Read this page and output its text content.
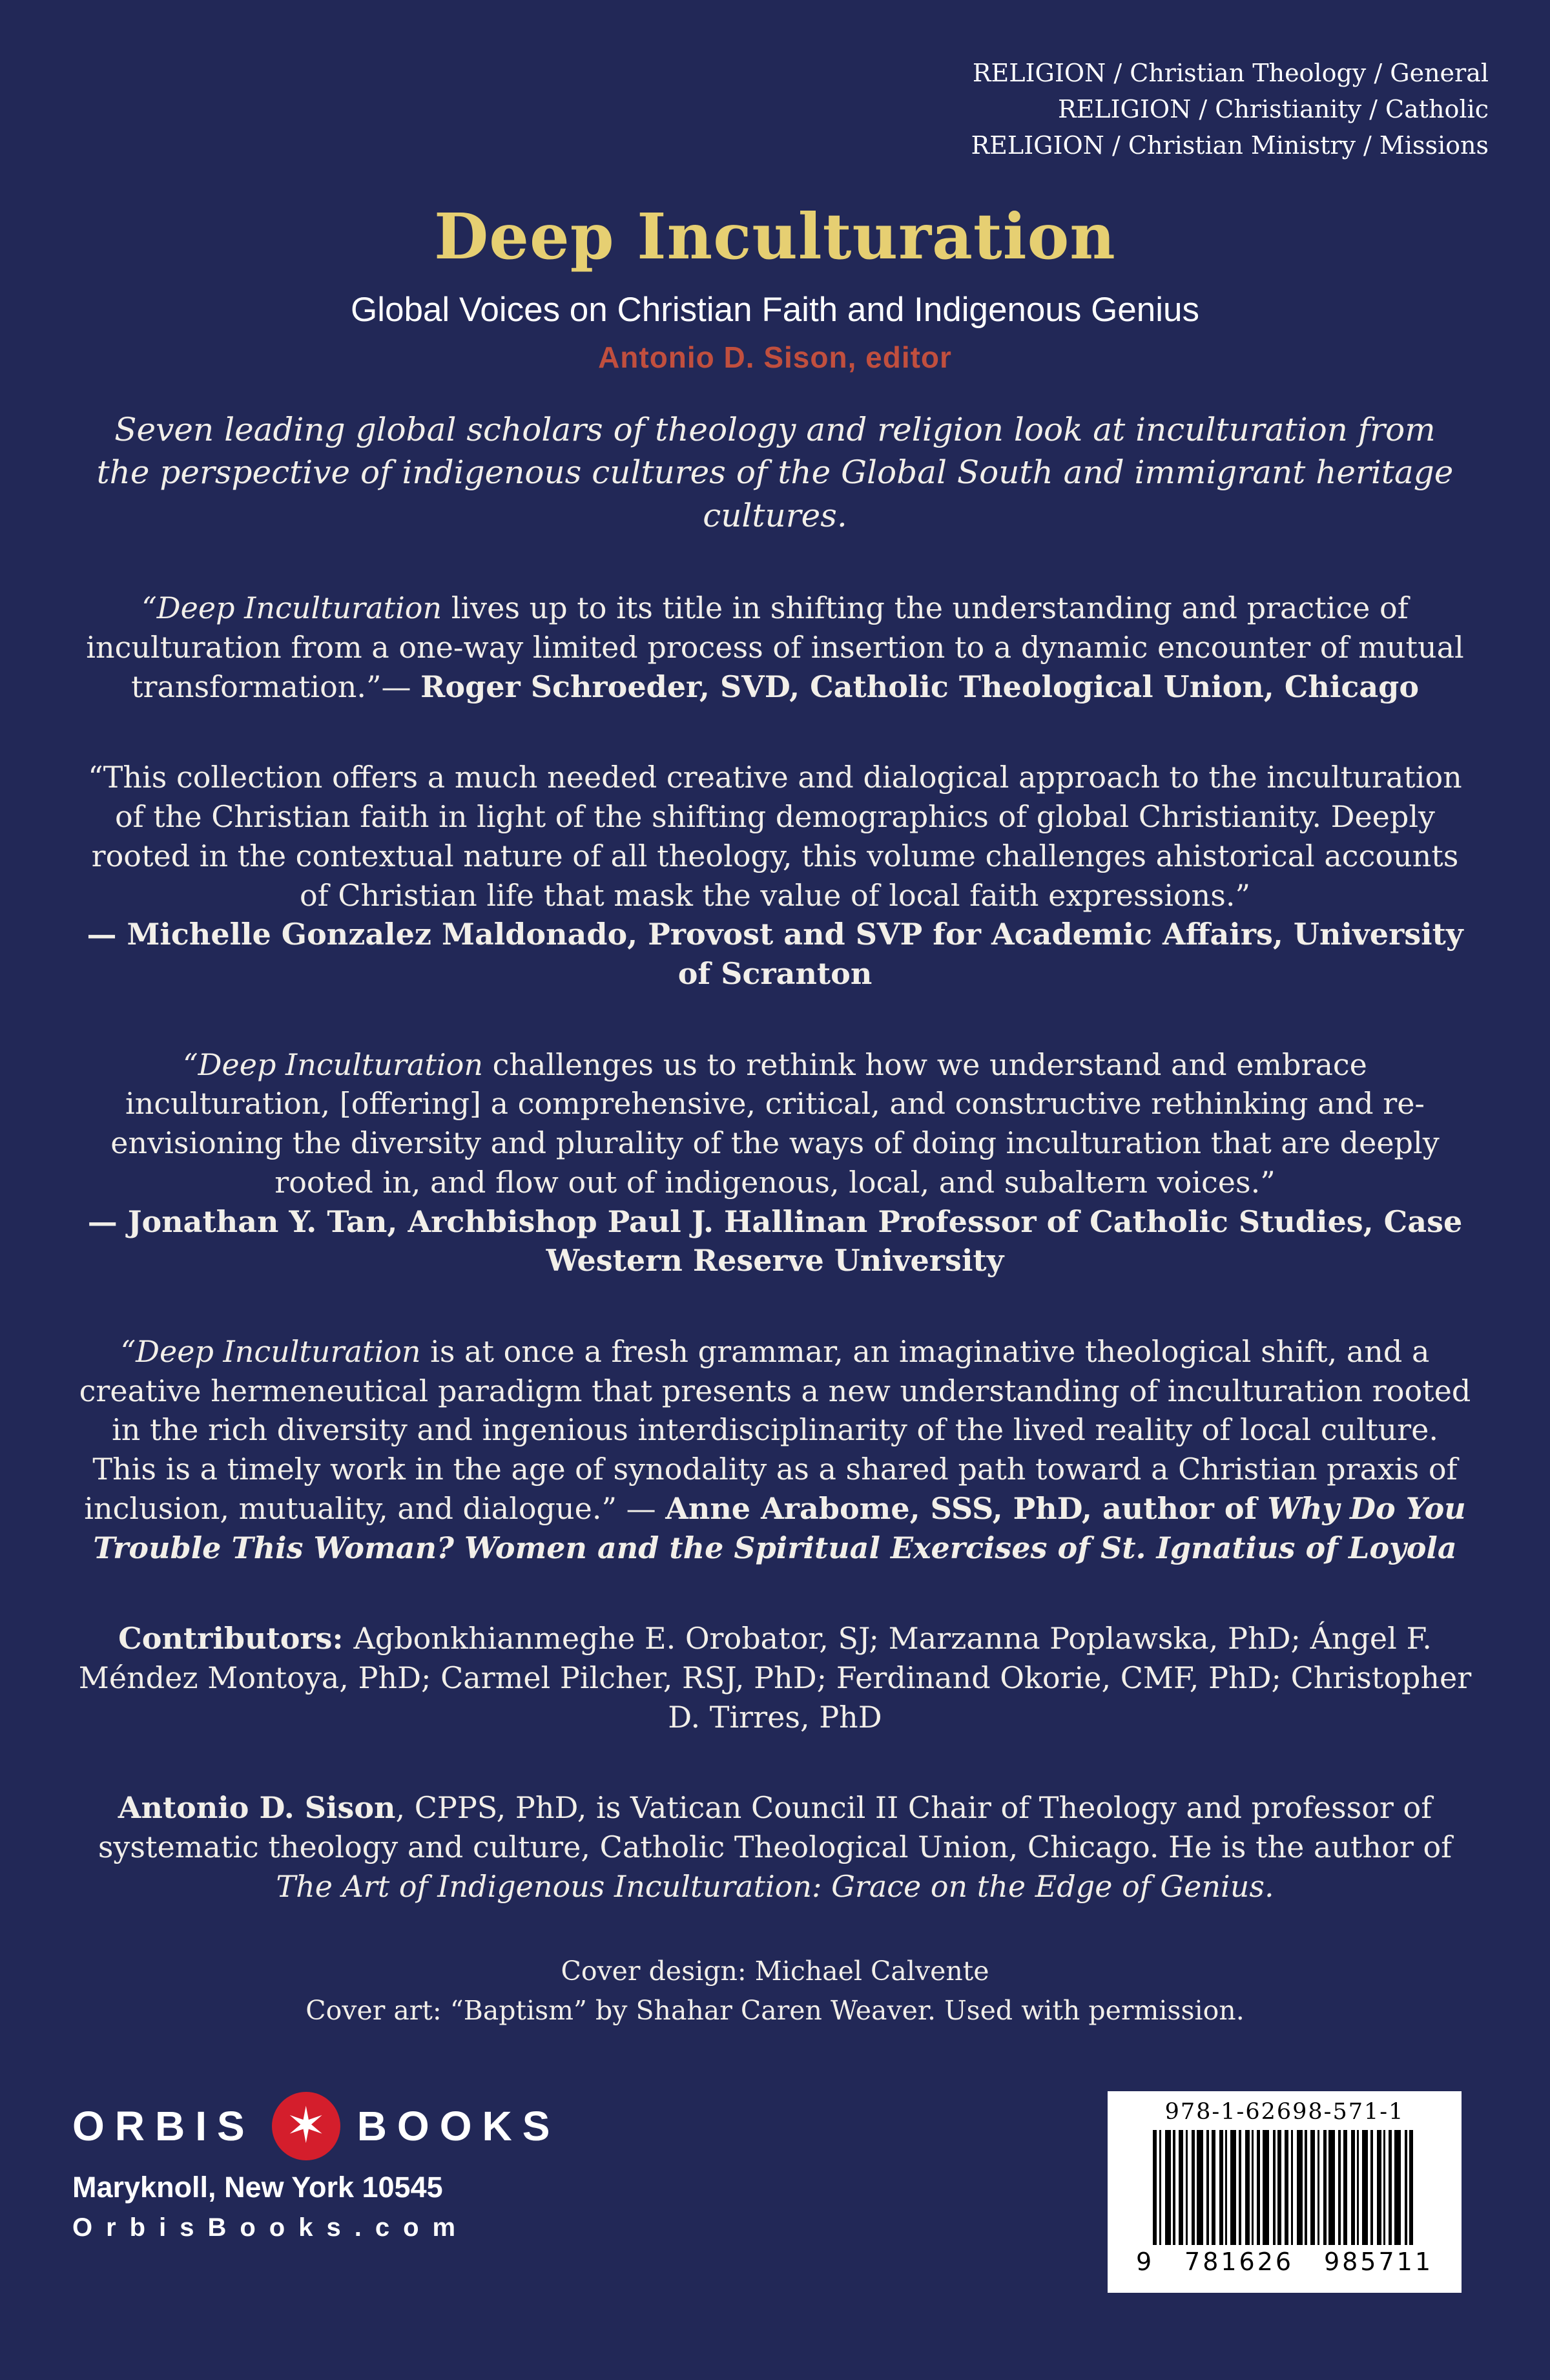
RELIGION / Christian Theology / General
RELIGION / Christianity / Catholic
RELIGION / Christian Ministry / Missions
Deep Inculturation
Global Voices on Christian Faith and Indigenous Genius
Antonio D. Sison, editor
Seven leading global scholars of theology and religion look at inculturation from the perspective of indigenous cultures of the Global South and immigrant heritage cultures.

“Deep Inculturation lives up to its title in shifting the understanding and practice of inculturation from a one-way limited process of insertion to a dynamic encounter of mutual transformation.”— Roger Schroeder, SVD, Catholic Theological Union, Chicago

“This collection offers a much needed creative and dialogical approach to the inculturation of the Christian faith in light of the shifting demographics of global Christianity. Deeply rooted in the contextual nature of all theology, this volume challenges ahistorical accounts of Christian life that mask the value of local faith expressions.”
— Michelle Gonzalez Maldonado, Provost and SVP for Academic Affairs, University of Scranton

“Deep Inculturation challenges us to rethink how we understand and embrace inculturation, [offering] a comprehensive, critical, and constructive rethinking and re-envisioning the diversity and plurality of the ways of doing inculturation that are deeply rooted in, and flow out of indigenous, local, and subaltern voices.”
— Jonathan Y. Tan, Archbishop Paul J. Hallinan Professor of Catholic Studies, Case Western Reserve University

“Deep Inculturation is at once a fresh grammar, an imaginative theological shift, and a creative hermeneutical paradigm that presents a new understanding of inculturation rooted in the rich diversity and ingenious interdisciplinarity of the lived reality of local culture. This is a timely work in the age of synodality as a shared path toward a Christian praxis of inclusion, mutuality, and dialogue.” — Anne Arabome, SSS, PhD, author of Why Do You Trouble This Woman? Women and the Spiritual Exercises of St. Ignatius of Loyola

Contributors: Agbonkhianmeghe E. Orobator, SJ; Marzanna Poplawska, PhD; Ángel F. Méndez Montoya, PhD; Carmel Pilcher, RSJ, PhD; Ferdinand Okorie, CMF, PhD; Christopher D. Tirres, PhD

Antonio D. Sison, CPPS, PhD, is Vatican Council II Chair of Theology and professor of systematic theology and culture, Catholic Theological Union, Chicago. He is the author of The Art of Indigenous Inculturation: Grace on the Edge of Genius.

Cover design: Michael Calvente
Cover art: “Baptism” by Shahar Caren Weaver. Used with permission.

ORBIS ✶ BOOKS
Maryknoll, New York 10545
OrbisBooks.com
978-1-62698-571-1
9 781626 985711
